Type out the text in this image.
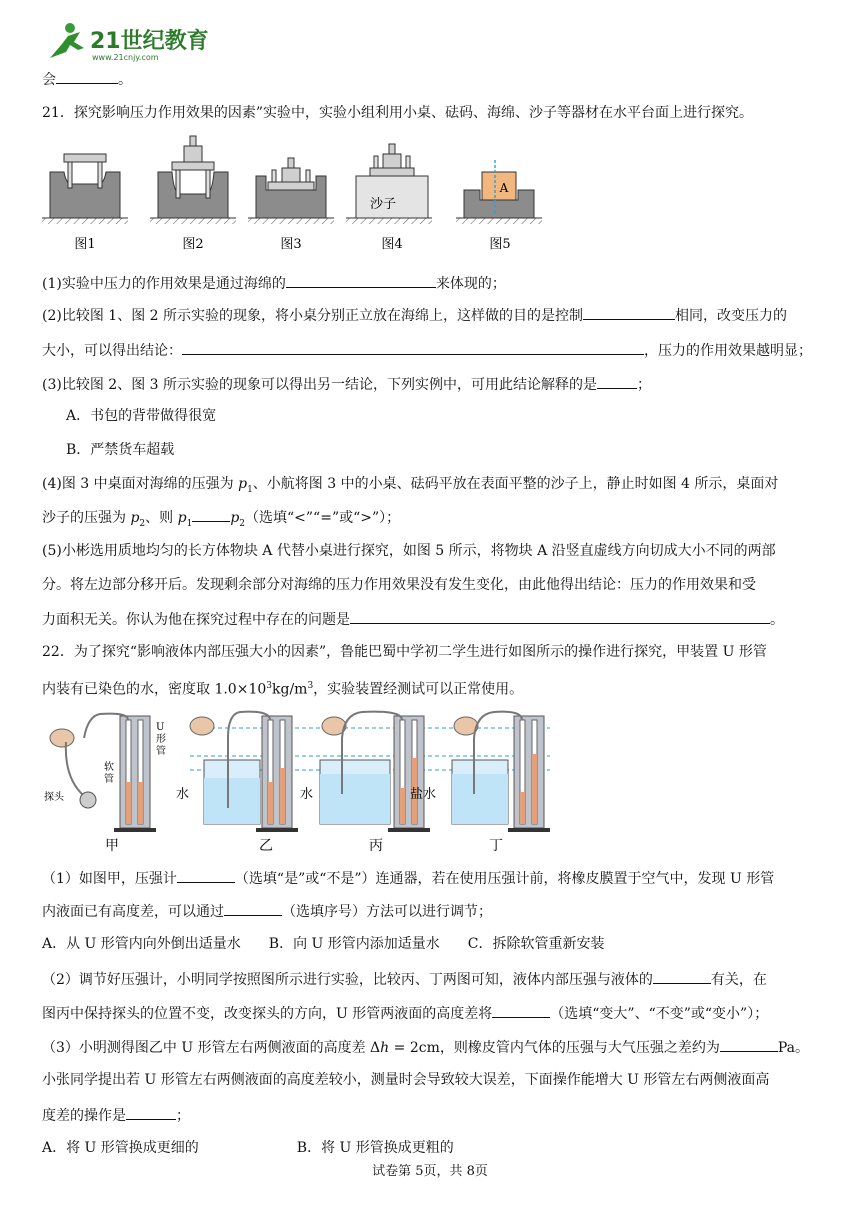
21世纪教育
www.21cnjy.com
会	。
21．探究影响压力作用效果的因素”实验中，实验小组利用小桌、砝码、海绵、沙子等器材在水平台面上进行探究。
(1)实验中压力的作用效果是通过海绵的	来体现的；
(2)比较图 1、图 2 所示实验的现象，将小桌分别正立放在海绵上，这样做的目的是控制	相同，改变压力的
大小，可以得出结论：	，压力的作用效果越明显；
(3)比较图 2、图 3 所示实验的现象可以得出另一结论，下列实例中，可用此结论解释的是	；
A．书包的背带做得很宽
B．严禁货车超载
(4)图 3 中桌面对海绵的压强为 $p_1$、小航将图 3 中的小桌、砝码平放在表面平整的沙子上，静止时如图 4 所示，桌面对
沙子的压强为 $p_2$、则 $p_1$	$p_2$（选填“<”“=”或“>”）；
(5)小彬选用质地均匀的长方体物块 A 代替小桌进行探究，如图 5 所示，将物块 A 沿竖直虚线方向切成大小不同的两部
分。将左边部分移开后。发现剩余部分对海绵的压力作用效果没有发生变化，由此他得出结论：压力的作用效果和受
力面积无关。你认为他在探究过程中存在的问题是	。
22．为了探究“影响液体内部压强大小的因素”，鲁能巴蜀中学初二学生进行如图所示的操作进行探究，甲装置 U 形管
内装有已染色的水，密度取 $1.0\times 10^3kg/m^3$，实验装置经测试可以正常使用。
（1）如图甲，压强计	（选填“是”或“不是”）连通器，若在使用压强计前，将橡皮膜置于空气中，发现 U 形管
内液面已有高度差，可以通过	（选填序号）方法可以进行调节；
A．从 U 形管内向外倒出适量水　　B．向 U 形管内添加适量水　　C．拆除软管重新安装
（2）调节好压强计，小明同学按照图所示进行实验，比较丙、丁两图可知，液体内部压强与液体的	有关，在
图丙中保持探头的位置不变，改变探头的方向，U 形管两液面的高度差将	（选填“变大”、“不变”或“变小”）；
（3）小明测得图乙中 U 形管左右两侧液面的高度差 Δh = 2cm，则橡皮管内气体的压强与大气压强之差约为	Pa。
小张同学提出若 U 形管左右两侧液面的高度差较小，测量时会导致较大误差，下面操作能增大 U 形管左右两侧液面高
度差的操作是	；
A．将 U 形管换成更细的　　　　　　　B．将 U 形管换成更粗的
图1	图2	图3
沙子
图4
A
图5
U
形
管
软
管
探头
甲
水
乙
水
丙
盐水
丁
试卷第 5页，共 8页
